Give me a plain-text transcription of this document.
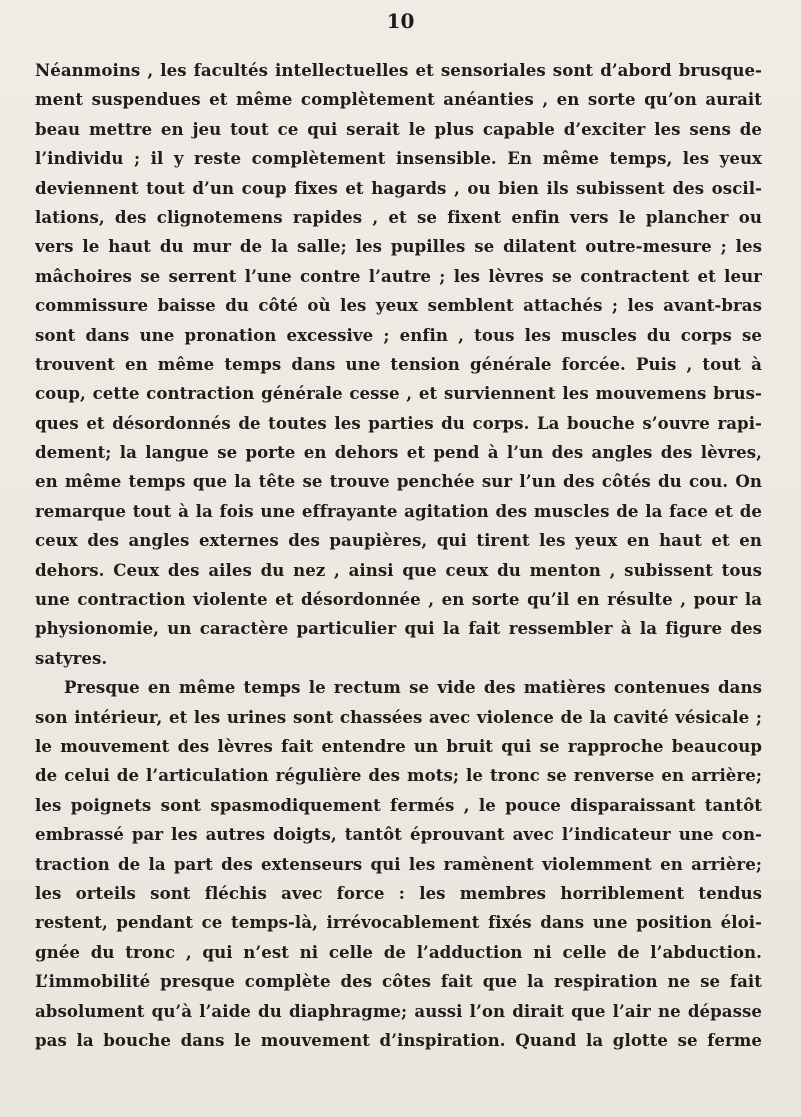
10
Néanmoins , les facultés intellectuelles et sensoriales sont d’abord brusque-
ment suspendues et même complètement anéanties , en sorte qu’on aurait
beau mettre en jeu tout ce qui serait le plus capable d’exciter les sens de
l’individu ; il y reste complètement insensible. En même temps, les yeux
deviennent tout d’un coup fixes et hagards , ou bien ils subissent des oscil-
lations, des clignotemens rapides , et se fixent enfin vers le plancher ou
vers le haut du mur de la salle; les pupilles se dilatent outre-mesure ; les
mâchoires se serrent l’une contre l’autre ; les lèvres se contractent et leur
commissure baisse du côté où les yeux semblent attachés ; les avant-bras
sont dans une pronation excessive ; enfin , tous les muscles du corps se
trouvent en même temps dans une tension générale forcée. Puis , tout à
coup, cette contraction générale cesse , et surviennent les mouvemens brus-
ques et désordonnés de toutes les parties du corps. La bouche s’ouvre rapi-
dement; la langue se porte en dehors et pend à l’un des angles des lèvres,
en même temps que la tête se trouve penchée sur l’un des côtés du cou. On
remarque tout à la fois une effrayante agitation des muscles de la face et de
ceux des angles externes des paupières, qui tirent les yeux en haut et en
dehors. Ceux des ailes du nez , ainsi que ceux du menton , subissent tous
une contraction violente et désordonnée , en sorte qu’il en résulte , pour la
physionomie, un caractère particulier qui la fait ressembler à la figure des
satyres.
Presque en même temps le rectum se vide des matières contenues dans
son intérieur, et les urines sont chassées avec violence de la cavité vésicale ;
le mouvement des lèvres fait entendre un bruit qui se rapproche beaucoup
de celui de l’articulation régulière des mots; le tronc se renverse en arrière;
les poignets sont spasmodiquement fermés , le pouce disparaissant tantôt
embrassé par les autres doigts, tantôt éprouvant avec l’indicateur une con-
traction de la part des extenseurs qui les ramènent violemment en arrière;
les orteils sont fléchis avec force : les membres horriblement tendus
restent, pendant ce temps-là, irrévocablement fixés dans une position éloi-
gnée du tronc , qui n’est ni celle de l’adduction ni celle de l’abduction.
L’immobilité presque complète des côtes fait que la respiration ne se fait
absolument qu’à l’aide du diaphragme; aussi l’on dirait que l’air ne dépasse
pas la bouche dans le mouvement d’inspiration. Quand la glotte se ferme
